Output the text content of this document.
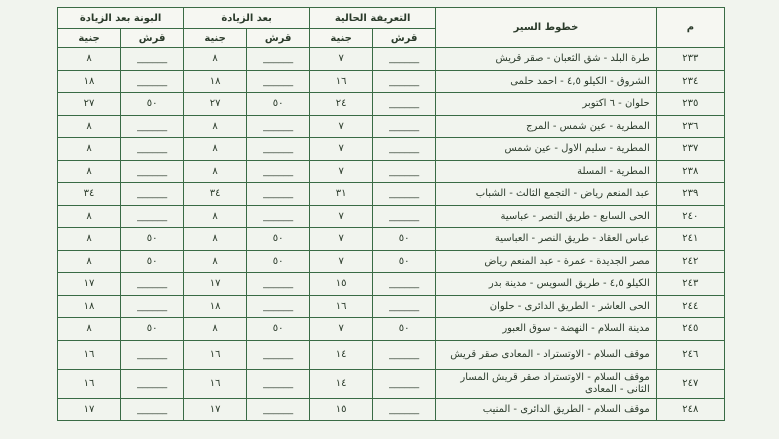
م	خطوط السير	التعريفة الحالية		بعد الزيادة		البونة بعد الزيادة	
		قرش	جنية	قرش	جنية	قرش	جنية
٢٣٣	طرة البلد - شق الثعبان - صقر قريش	______	٧	______	٨	______	٨
٢٣٤	الشروق - الكيلو ٤,٥ - احمد حلمى	______	١٦	______	١٨	______	١٨
٢٣٥	حلوان - ٦ اكتوبر	______	٢٤	٥٠	٢٧	٥٠	٢٧
٢٣٦	المطرية - عين شمس - المرج	______	٧	______	٨	______	٨
٢٣٧	المطرية - سليم الاول - عين شمس	______	٧	______	٨	______	٨
٢٣٨	المطرية - المسلة	______	٧	______	٨	______	٨
٢٣٩	عبد المنعم رياض - التجمع الثالث - الشباب	______	٣١	______	٣٤	______	٣٤
٢٤٠	الحى السابع - طريق النصر - عباسية	______	٧	______	٨	______	٨
٢٤١	عباس العقاد - طريق النصر - العباسية	٥٠	٧	٥٠	٨	٥٠	٨
٢٤٢	مصر الجديدة - عمرة - عبد المنعم رياض	٥٠	٧	٥٠	٨	٥٠	٨
٢٤٣	الكيلو ٤,٥ - طريق السويس - مدينة بدر	______	١٥	______	١٧	______	١٧
٢٤٤	الحى العاشر - الطريق الدائرى - حلوان	______	١٦	______	١٨	______	١٨
٢٤٥	مدينة السلام - النهضة - سوق العبور	٥٠	٧	٥٠	٨	٥٠	٨
٢٤٦	موقف السلام - الاوتستراد - المعادى صقر قريش	______	١٤	______	١٦	______	١٦
٢٤٧	موقف السلام - الاوتستراد صقر قريش المسار الثانى - المعادى	______	١٤	______	١٦	______	١٦
٢٤٨	موقف السلام - الطريق الدائرى - المنيب	______	١٥	______	١٧	______	١٧
